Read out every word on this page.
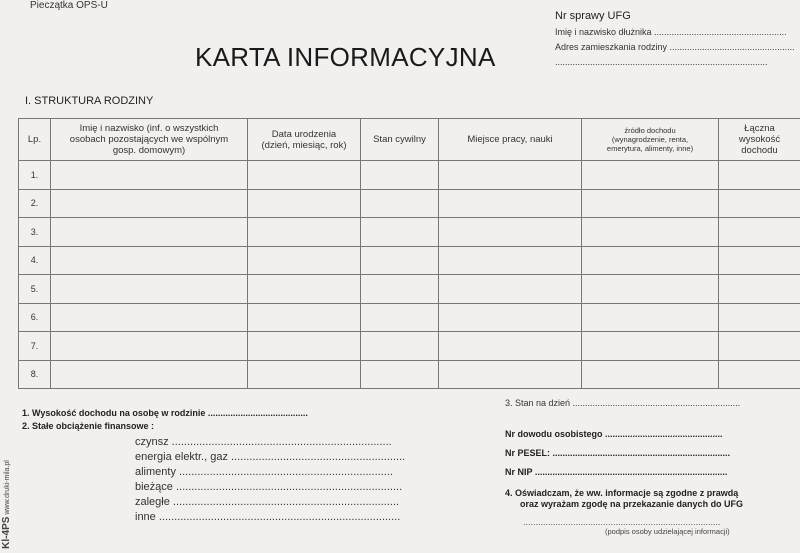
Pieczątka OPS-U
Nr sprawy UFG
Imię i nazwisko dłużnika .....................................................
Adres zamieszkania rodziny ..................................................
.....................................................................................
KARTA INFORMACYJNA
I. STRUKTURA RODZINY
Lp.	Imię i nazwisko (inf. o wszystkich osobach pozostających we wspólnym gosp. domowym)	Data urodzenia (dzień, miesiąc, rok)	Stan cywilny	Miejsce pracy, nauki	źródło dochodu (wynagrodzenie, renta, emerytura, alimenty, inne)	Łączna wysokość dochodu
1.						
2.						
3.						
4.						
5.						
6.						
7.						
8.						
1. Wysokość dochodu na osobę w rodzinie ........................................
2. Stałe obciążenie finansowe :
czynsz ........................................................................
energia elektr., gaz .........................................................
alimenty ......................................................................
bieżące ..........................................................................
zaległe ..........................................................................
inne ...............................................................................
3. Stan na dzień ...................................................................
Nr dowodu osobistego ...............................................
Nr PESEL: .......................................................................
Nr NIP .............................................................................
4. Oświadczam, że ww. informacje są zgodne z prawdą
oraz wyrażam zgodę na przekazanie danych do UFG
...............................................................................
(podpis osoby udzielającej informacji)
Kl-4PS www.druki-mila.pl
